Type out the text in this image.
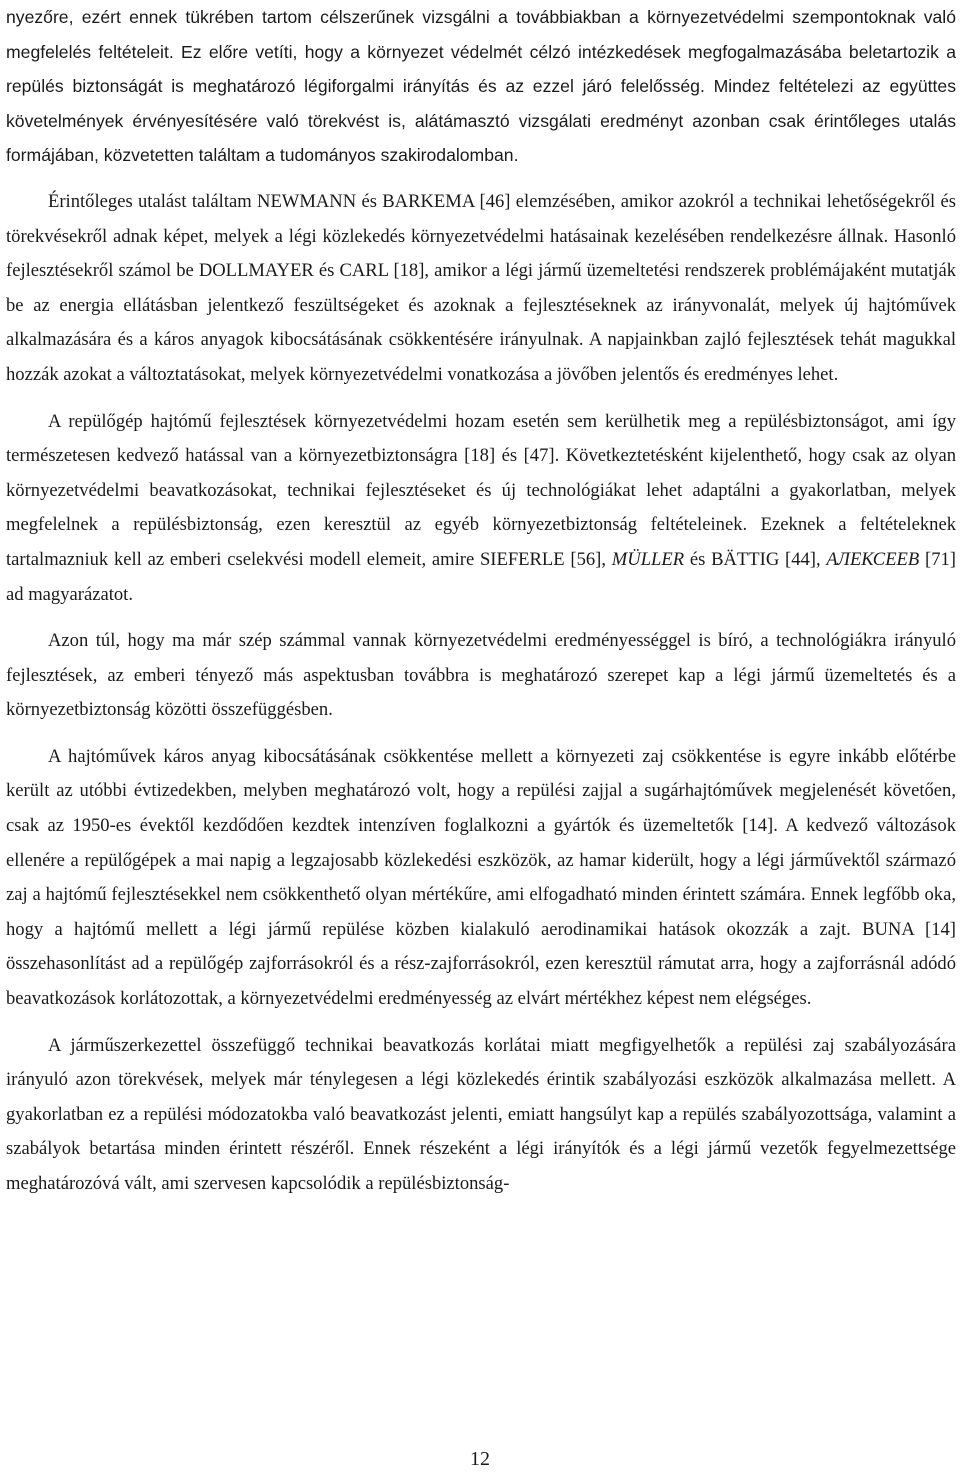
nyezőre, ezért ennek tükrében tartom célszerűnek vizsgálni a továbbiakban a környezetvédelmi szempontoknak való megfelelés feltételeit. Ez előre vetíti, hogy a környezet védelmét célzó intézkedések megfogalmazásába beletartozik a repülés biztonságát is meghatározó légiforgalmi irányítás és az ezzel járó felelősség. Mindez feltételezi az együttes követelmények érvényesítésére való törekvést is, alátámasztó vizsgálati eredményt azonban csak érintőleges utalás formájában, közvetetten találtam a tudományos szakirodalomban.

Érintőleges utalást találtam NEWMANN és BARKEMA [46] elemzésében, amikor azokról a technikai lehetőségekről és törekvésekről adnak képet, melyek a légi közlekedés környezetvédelmi hatásainak kezelésében rendelkezésre állnak. Hasonló fejlesztésekről számol be DOLLMAYER és CARL [18], amikor a légi jármű üzemeltetési rendszerek problémájaként mutatják be az energia ellátásban jelentkező feszültségeket és azoknak a fejlesztéseknek az irányvonalát, melyek új hajtóművek alkalmazására és a káros anyagok kibocsátásának csökkentésére irányulnak. A napjainkban zajló fejlesztések tehát magukkal hozzák azokat a változtatásokat, melyek környezetvédelmi vonatkozása a jövőben jelentős és eredményes lehet.

A repülőgép hajtómű fejlesztések környezetvédelmi hozam esetén sem kerülhetik meg a repülésbiztonságot, ami így természetesen kedvező hatással van a környezetbiztonságra [18] és [47]. Következtetésként kijelenthető, hogy csak az olyan környezetvédelmi beavatkozásokat, technikai fejlesztéseket és új technológiákat lehet adaptálni a gyakorlatban, melyek megfelelnek a repülésbiztonság, ezen keresztül az egyéb környezetbiztonság feltételeinek. Ezeknek a feltételeknek tartalmazniuk kell az emberi cselekvési modell elemeit, amire SIEFERLE [56], MÜLLER és BÄTTIG [44], АЛЕКСЕЕВ [71] ad magyarázatot.

Azon túl, hogy ma már szép számmal vannak környezetvédelmi eredményességgel is bíró, a technológiákra irányuló fejlesztések, az emberi tényező más aspektusban továbbra is meghatározó szerepet kap a légi jármű üzemeltetés és a környezetbiztonság közötti összefüggésben.

A hajtóművek káros anyag kibocsátásának csökkentése mellett a környezeti zaj csökkentése is egyre inkább előtérbe került az utóbbi évtizedekben, melyben meghatározó volt, hogy a repülési zajjal a sugárhajtóművek megjelenését követően, csak az 1950-es évektől kezdődően kezdtek intenzíven foglalkozni a gyártók és üzemeltetők [14]. A kedvező változások ellenére a repülőgépek a mai napig a legzajosabb közlekedési eszközök, az hamar kiderült, hogy a légi járművektől származó zaj a hajtómű fejlesztésekkel nem csökkenthető olyan mértékűre, ami elfogadható minden érintett számára. Ennek legfőbb oka, hogy a hajtómű mellett a légi jármű repülése közben kialakuló aerodinamikai hatások okozzák a zajt. BUNA [14] összehasonlítást ad a repülőgép zajforrásokról és a rész-zajforrásokról, ezen keresztül rámutat arra, hogy a zajforrásnál adódó beavatkozások korlátozottak, a környezetvédelmi eredményesség az elvárt mértékhez képest nem elégséges.

A járműszerkezettel összefüggő technikai beavatkozás korlátai miatt megfigyelhetők a repülési zaj szabályozására irányuló azon törekvések, melyek már ténylegesen a légi közlekedés érintik szabályozási eszközök alkalmazása mellett. A gyakorlatban ez a repülési módozatokba való beavatkozást jelenti, emiatt hangsúlyt kap a repülés szabályozottsága, valamint a szabályok betartása minden érintett részéről. Ennek részeként a légi irányítók és a légi jármű vezetők fegyelmezettsége meghatározóvá vált, ami szervesen kapcsolódik a repülésbiztonság-

12
